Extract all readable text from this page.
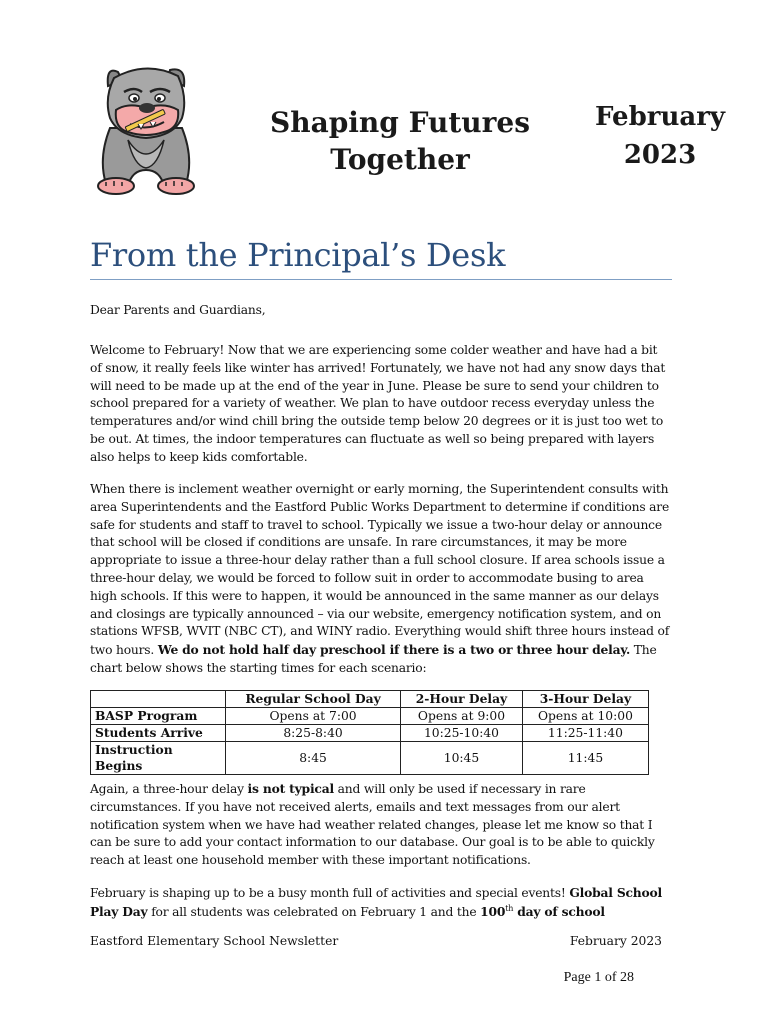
Shaping Futures
Together
February
2023
From the Principal’s Desk
Dear Parents and Guardians,
Welcome to February! Now that we are experiencing some colder weather and have had a bit of snow, it really feels like winter has arrived! Fortunately, we have not had any snow days that will need to be made up at the end of the year in June. Please be sure to send your children to school prepared for a variety of weather. We plan to have outdoor recess everyday unless the temperatures and/or wind chill bring the outside temp below 20 degrees or it is just too wet to be out. At times, the indoor temperatures can fluctuate as well so being prepared with layers also helps to keep kids comfortable.
When there is inclement weather overnight or early morning, the Superintendent consults with area Superintendents and the Eastford Public Works Department to determine if conditions are safe for students and staff to travel to school. Typically we issue a two-hour delay or announce that school will be closed if conditions are unsafe. In rare circumstances, it may be more appropriate to issue a three-hour delay rather than a full school closure. If area schools issue a three-hour delay, we would be forced to follow suit in order to accommodate busing to area high schools. If this were to happen, it would be announced in the same manner as our delays and closings are typically announced – via our website, emergency notification system, and on stations WFSB, WVIT (NBC CT), and WINY radio. Everything would shift three hours instead of two hours. We do not hold half day preschool if there is a two or three hour delay. The chart below shows the starting times for each scenario:
	Regular School Day	2-Hour Delay	3-Hour Delay
BASP Program	Opens at 7:00	Opens at 9:00	Opens at 10:00
Students Arrive	8:25-8:40	10:25-10:40	11:25-11:40
Instruction Begins	8:45	10:45	11:45
Again, a three-hour delay is not typical and will only be used if necessary in rare circumstances. If you have not received alerts, emails and text messages from our alert notification system when we have had weather related changes, please let me know so that I can be sure to add your contact information to our database. Our goal is to be able to quickly reach at least one household member with these important notifications.
February is shaping up to be a busy month full of activities and special events! Global School Play Day for all students was celebrated on February 1 and the 100th day of school
Eastford Elementary School Newsletter	February 2023
Page 1 of 28
